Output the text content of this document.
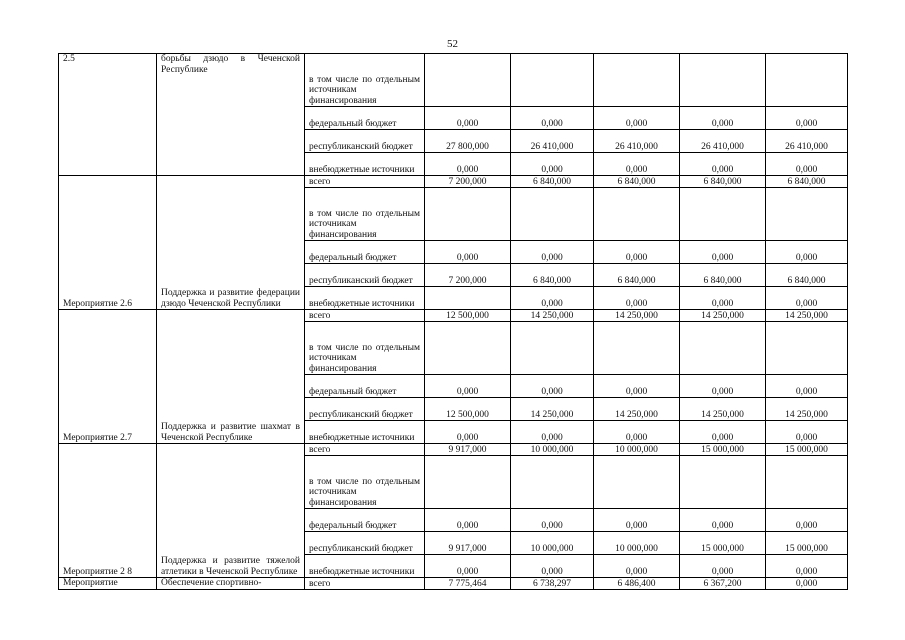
52
2.5	борьбы дзюдо в Чеченской Республике	в том числе по отдельным источникам финансирования					
		федеральный бюджет	0,000	0,000	0,000	0,000	0,000
		республиканский бюджет	27 800,000	26 410,000	26 410,000	26 410,000	26 410,000
		внебюджетные источники	0,000	0,000	0,000	0,000	0,000
Мероприятие 2.6	Поддержка и развитие федерации дзюдо Чеченской Республики	всего	7 200,000	6 840,000	6 840,000	6 840,000	6 840,000
		в том числе по отдельным источникам финансирования					
		федеральный бюджет	0,000	0,000	0,000	0,000	0,000
		республиканский бюджет	7 200,000	6 840,000	6 840,000	6 840,000	6 840,000
		внебюджетные источники		0,000	0,000	0,000	0,000
Мероприятие 2.7	Поддержка и развитие шахмат в Чеченской Республике	всего	12 500,000	14 250,000	14 250,000	14 250,000	14 250,000
		в том числе по отдельным источникам финансирования					
		федеральный бюджет	0,000	0,000	0,000	0,000	0,000
		республиканский бюджет	12 500,000	14 250,000	14 250,000	14 250,000	14 250,000
		внебюджетные источники	0,000	0,000	0,000	0,000	0,000
Мероприятие 2 8	Поддержка и развитие тяжелой атлетики в Чеченской Республике	всего	9 917,000	10 000,000	10 000,000	15 000,000	15 000,000
		в том числе по отдельным источникам финансирования					
		федеральный бюджет	0,000	0,000	0,000	0,000	0,000
		республиканский бюджет	9 917,000	10 000,000	10 000,000	15 000,000	15 000,000
		внебюджетные источники	0,000	0,000	0,000	0,000	0,000
Мероприятие	Обеспечение спортивно-	всего	7 775,464	6 738,297	6 486,400	6 367,200	0,000
